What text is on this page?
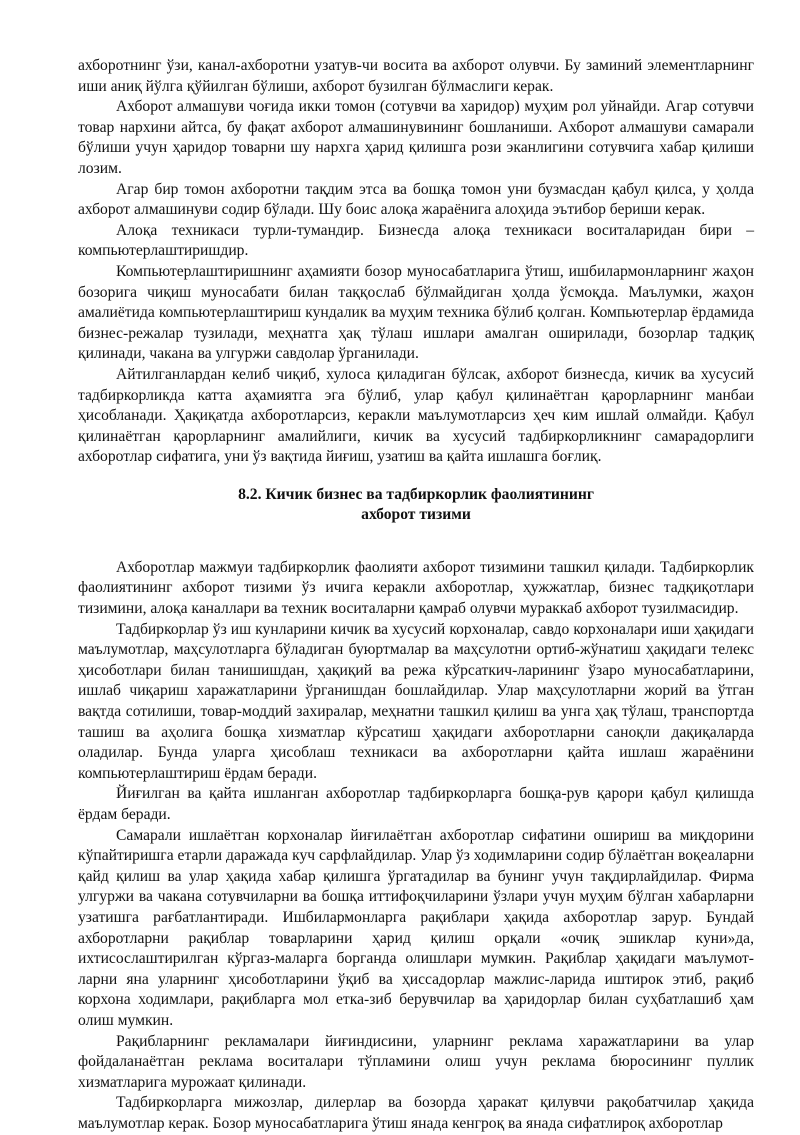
ахборотнинг ўзи, канал-ахборотни узатув-чи восита ва ахборот олувчи. Бу заминий элементларнинг иши аниқ йўлга қўйилган бўлиши, ахборот бузилган бўлмаслиги керак.

Ахборот алмашуви чоғида икки томон (сотувчи ва харидор) муҳим рол уйнайди. Агар сотувчи товар нархини айтса, бу фақат ахборот алмашинувининг бошланиши. Ахборот алмашуви самарали бўлиши учун ҳаридор товарни шу нархга ҳарид қилишга рози эканлигини сотувчига хабар қилиши лозим.

Агар бир томон ахборотни тақдим этса ва бошқа томон уни бузмасдан қабул қилса, у ҳолда ахборот алмашинуви содир бўлади. Шу боис алоқа жараёнига алоҳида эътибор бериши керак.

Алоқа техникаси турли-тумандир. Бизнесда алоқа техникаси воситаларидан бири – компьютерлаштиришдир.

Компьютерлаштиришнинг аҳамияти бозор муносабатларига ўтиш, ишбилармонларнинг жаҳон бозорига чиқиш муносабати билан таққослаб бўлмайдиган ҳолда ўсмоқда. Маълумки, жаҳон амалиётида компьютерлаштириш кундалик ва муҳим техника бўлиб қолган. Компьютерлар ёрдамида бизнес-режалар тузилади, меҳнатга ҳақ тўлаш ишлари амалган оширилади, бозорлар тадқиқ қилинади, чакана ва улгуржи савдолар ўрганилади.

Айтилганлардан келиб чиқиб, хулоса қиладиган бўлсак, ахборот бизнесда, кичик ва хусусий тадбиркорликда катта аҳамиятга эга бўлиб, улар қабул қилинаётган қарорларнинг манбаи ҳисобланади. Ҳақиқатда ахборотларсиз, керакли маълумотларсиз ҳеч ким ишлай олмайди. Қабул қилинаётган қарорларнинг амалийлиги, кичик ва хусусий тадбиркорликнинг самарадорлиги ахборотлар сифатига, уни ўз вақтида йиғиш, узатиш ва қайта ишлашга боғлиқ.

8.2. Кичик бизнес ва тадбиркорлик фаолиятининг
ахборот тизими

Ахборотлар мажмуи тадбиркорлик фаолияти ахборот тизимини ташкил қилади. Тадбиркорлик фаолиятининг ахборот тизими ўз ичига керакли ахборотлар, ҳужжатлар, бизнес тадқиқотлари тизимини, алоқа каналлари ва техник воситаларни қамраб олувчи мураккаб ахборот тузилмасидир.

Тадбиркорлар ўз иш кунларини кичик ва хусусий корхоналар, савдо корхоналари иши ҳақидаги маълумотлар, маҳсулотларга бўладиган буюртмалар ва маҳсулотни ортиб-жўнатиш ҳақидаги телекс ҳисоботлари билан танишишдан, ҳақиқий ва режа кўрсаткич-ларининг ўзаро муносабатларини, ишлаб чиқариш харажатларини ўрганишдан бошлайдилар. Улар маҳсулотларни жорий ва ўтган вақтда сотилиши, товар-моддий захиралар, меҳнатни ташкил қилиш ва унга ҳақ тўлаш, транспортда ташиш ва аҳолига бошқа хизматлар кўрсатиш ҳақидаги ахборотларни саноқли дақиқаларда оладилар. Бунда уларга ҳисоблаш техникаси ва ахборотларни қайта ишлаш жараёнини компьютерлаштириш ёрдам беради.

Йиғилган ва қайта ишланган ахборотлар тадбиркорларга бошқа-рув қарори қабул қилишда ёрдам беради.

Самарали ишлаётган корхоналар йиғилаётган ахборотлар сифатини ошириш ва миқдорини кўпайтиришга етарли даражада куч сарфлайдилар. Улар ўз ходимларини содир бўлаётган воқеаларни қайд қилиш ва улар ҳақида хабар қилишга ўргатадилар ва бунинг учун тақдирлайдилар. Фирма улгуржи ва чакана сотувчиларни ва бошқа иттифоқчиларини ўзлари учун муҳим бўлган хабарларни узатишга рағбатлантиради. Ишбилармонларга рақиблари ҳақида ахборотлар зарур. Бундай ахборотларни рақиблар товарларини ҳарид қилиш орқали «очиқ эшиклар куни»да, ихтисослаштирилган кўргаз-маларга борганда олишлари мумкин. Рақиблар ҳақидаги маълумот-ларни яна уларнинг ҳисоботларини ўқиб ва ҳиссадорлар мажлис-ларида иштирок этиб, рақиб корхона ходимлари, рақибларга мол етка-зиб берувчилар ва ҳаридорлар билан суҳбатлашиб ҳам олиш мумкин.

Рақибларнинг рекламалари йиғиндисини, уларнинг реклама харажатларини ва улар фойдаланаётган реклама воситалари тўпламини олиш учун реклама бюросининг пуллик хизматларига мурожаат қилинади.

Тадбиркорларга мижозлар, дилерлар ва бозорда ҳаракат қилувчи рақобатчилар ҳақида маълумотлар керак. Бозор муносабатларига ўтиш янада кенгроқ ва янада сифатлироқ ахборотлар
